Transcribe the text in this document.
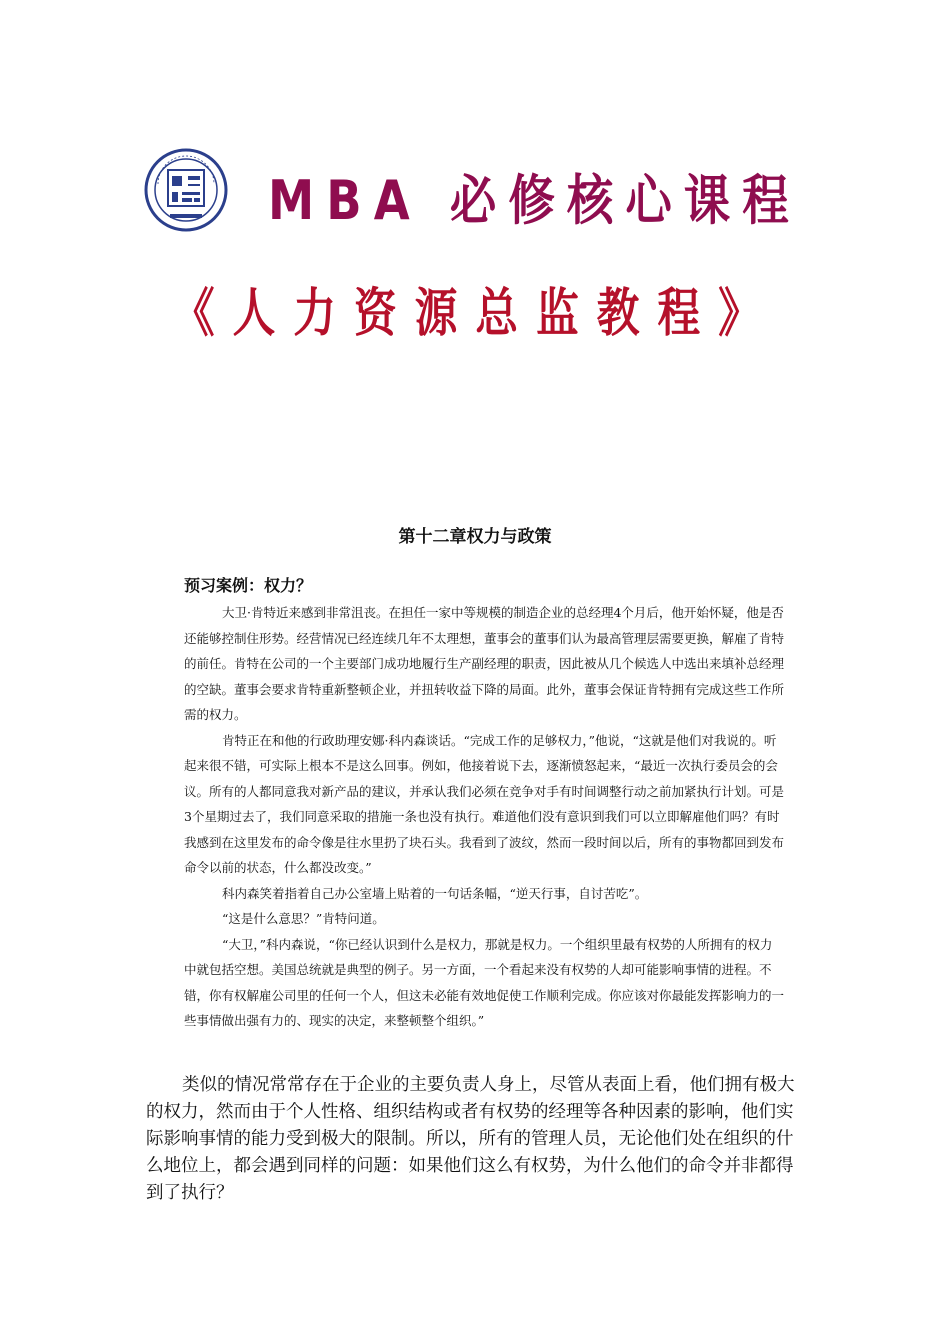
MBA 必修核心课程
《人力资源总监教程》
第十二章权力与政策
预习案例：权力？

大卫·肯特近来感到非常沮丧。在担任一家中等规模的制造企业的总经理4个月后，他开始怀疑，他是否还能够控制住形势。经营情况已经连续几年不太理想，董事会的董事们认为最高管理层需要更换，解雇了肯特的前任。肯特在公司的一个主要部门成功地履行生产副经理的职责，因此被从几个候选人中选出来填补总经理的空缺。董事会要求肯特重新整顿企业，并扭转收益下降的局面。此外，董事会保证肯特拥有完成这些工作所需的权力。

肯特正在和他的行政助理安娜·科内森谈话。“完成工作的足够权力，”他说，“这就是他们对我说的。听起来很不错，可实际上根本不是这么回事。例如，他接着说下去，逐渐愤怒起来，“最近一次执行委员会的会议。所有的人都同意我对新产品的建议，并承认我们必须在竞争对手有时间调整行动之前加紧执行计划。可是3个星期过去了，我们同意采取的措施一条也没有执行。难道他们没有意识到我们可以立即解雇他们吗？有时我感到在这里发布的命令像是往水里扔了块石头。我看到了波纹，然而一段时间以后，所有的事物都回到发布命令以前的状态，什么都没改变。”

科内森笑着指着自己办公室墙上贴着的一句话条幅，“逆天行事，自讨苦吃”。

“这是什么意思？”肯特问道。

“大卫，”科内森说，“你已经认识到什么是权力，那就是权力。一个组织里最有权势的人所拥有的权力中就包括空想。美国总统就是典型的例子。另一方面，一个看起来没有权势的人却可能影响事情的进程。不错，你有权解雇公司里的任何一个人，但这未必能有效地促使工作顺利完成。你应该对你最能发挥影响力的一些事情做出强有力的、现实的决定，来整顿整个组织。”

类似的情况常常存在于企业的主要负责人身上，尽管从表面上看，他们拥有极大的权力，然而由于个人性格、组织结构或者有权势的经理等各种因素的影响，他们实际影响事情的能力受到极大的限制。所以，所有的管理人员，无论他们处在组织的什么地位上，都会遇到同样的问题：如果他们这么有权势，为什么他们的命令并非都得到了执行？
